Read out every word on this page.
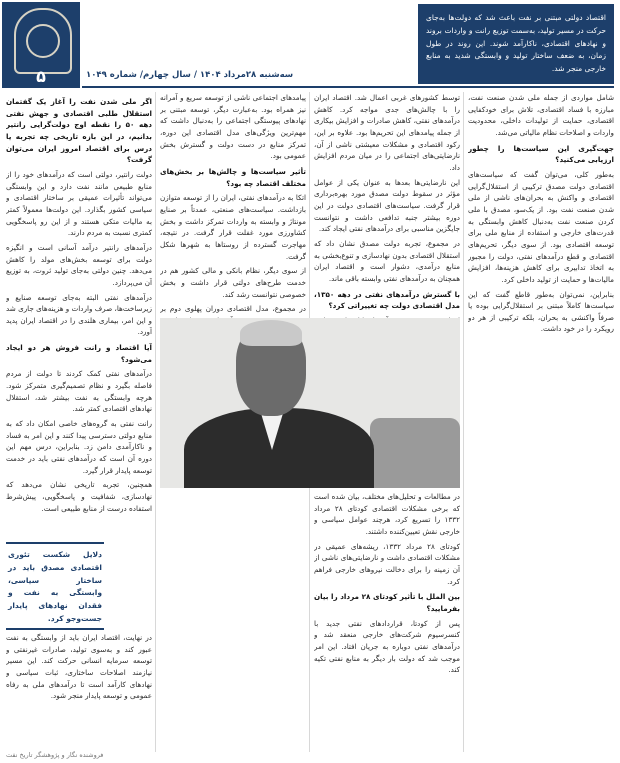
۵	سه‌شنبه ۲۸مرداد ۱۴۰۴ / سال چهارم/ شماره ۱۰۴۹
اقتصاد دولتی مبتنی بر نفت باعث شد که دولت‌ها به‌جای حرکت در مسیر تولید، به‌سمت توزیع رانت و واردات بروند و نهادهای اقتصادی، ناکارآمد شوند. این روند در طول زمان، به ضعف ساختار تولید و وابستگی شدید به منابع خارجی منجر شد.

شامل مواردی از جمله ملی شدن صنعت نفت، مبارزه با فساد اقتصادی، تلاش برای خودکفایی اقتصادی، حمایت از تولیدات داخلی، محدودیت واردات و اصلاحات نظام مالیاتی می‌شد.

جهت‌گیری این سیاست‌ها را چطور ارزیابی می‌کنید؟

به‌طور کلی، می‌توان گفت که سیاست‌های اقتصادی دولت مصدق ترکیبی از استقلال‌گرایی اقتصادی و واکنش به بحران‌های ناشی از ملی شدن صنعت نفت بود. از یک‌سو، مصدق با ملی کردن صنعت نفت به‌دنبال کاهش وابستگی به قدرت‌های خارجی و استفاده از منابع ملی برای توسعه اقتصادی بود. از سوی دیگر، تحریم‌های اقتصادی و قطع درآمدهای نفتی، دولت را مجبور به اتخاذ تدابیری برای کاهش هزینه‌ها، افزایش مالیات‌ها و حمایت از تولید داخلی کرد.

بنابراین، نمی‌توان به‌طور قاطع گفت که این سیاست‌ها کاملاً مبتنی بر استقلال‌گرایی بوده یا صرفاً واکنشی به بحران، بلکه ترکیبی از هر دو رویکرد را در خود داشت.

توسط کشورهای غربی اعمال شد. اقتصاد ایران را با چالش‌های جدی مواجه کرد. کاهش درآمدهای نفتی، کاهش صادرات و افزایش بیکاری از جمله پیامدهای این تحریم‌ها بود. علاوه بر این، رکود اقتصادی و مشکلات معیشتی ناشی از آن، نارضایتی‌های اجتماعی را در میان مردم افزایش داد.

این نارضایتی‌ها بعدها به عنوان یکی از عوامل مؤثر در سقوط دولت مصدق مورد بهره‌برداری قرار گرفت. سیاست‌های اقتصادی دولت در این دوره بیشتر جنبه تدافعی داشت و نتوانست جایگزین مناسبی برای درآمدهای نفتی ایجاد کند.

در مجموع، تجربه دولت مصدق نشان داد که استقلال اقتصادی بدون نهادسازی و تنوع‌بخشی به منابع درآمدی، دشوار است و اقتصاد ایران همچنان به درآمدهای نفتی وابسته باقی ماند.

با گسترش درآمدهای نفتی در دهه ۱۳۵۰، مدل اقتصادی دولت چه تغییراتی کرد؟

در مطالعات و تحلیل‌های مختلف، بیان شده است که برخی مشکلات اقتصادی کودتای ۲۸ مرداد ۱۳۳۲ را تسریع کرد، هرچند عوامل سیاسی و خارجی نقش تعیین‌کننده داشتند.

کودتای ۲۸ مرداد ۱۳۳۲، ریشه‌های عمیقی در مشکلات اقتصادی داشت و نارضایتی‌های ناشی از آن زمینه را برای دخالت نیروهای خارجی فراهم کرد.

بین الملل با تأثیر کودتای ۲۸ مرداد را بیان بفرمایید؟

پس از کودتا، قراردادهای نفتی جدید با کنسرسیوم شرکت‌های خارجی منعقد شد و درآمدهای نفتی دوباره به جریان افتاد. این امر موجب شد که دولت بار دیگر به منابع نفتی تکیه کند.

پیامدهای اجتماعی ناشی از توسعه سریع و آمرانه نیز همراه بود. به‌عبارت دیگر، توسعه مبتنی بر نهادهای پیوستگی اجتماعی را به‌دنبال داشت که مهم‌ترین ویژگی‌های مدل اقتصادی این دوره، تمرکز منابع در دست دولت و گسترش بخش عمومی بود.

تأثیر سیاست‌ها و چالش‌ها بر بخش‌های مختلف اقتصاد چه بود؟

اتکا به درآمدهای نفتی، ایران را از توسعه متوازن بازداشت. سیاست‌های صنعتی، عمدتاً بر صنایع مونتاژ و وابسته به واردات تمرکز داشت و بخش کشاورزی مورد غفلت قرار گرفت. در نتیجه، مهاجرت گسترده از روستاها به شهرها شکل گرفت.

از سوی دیگر، نظام بانکی و مالی کشور هم در خدمت طرح‌های دولتی قرار داشت و بخش خصوصی نتوانست رشد کند.

در مجموع، مدل اقتصادی دوران پهلوی دوم بر

اگر ملی شدن نفت را آغاز یک گفتمان استقلال طلبی اقتصادی و جهش نفتی دهه ۵۰ را نقطه اوج دولت‌گرایی رانتیر بدانیم، در این بازه تاریخی چه تجربه یا درس برای اقتصاد امروز ایران می‌توان گرفت؟

دولت رانتیر، دولتی است که درآمدهای خود را از منابع طبیعی مانند نفت دارد و این وابستگی می‌تواند تأثیرات عمیقی بر ساختار اقتصادی و سیاسی کشور بگذارد. این دولت‌ها معمولاً کمتر به مالیات متکی هستند و از این رو پاسخگویی کمتری نسبت به مردم دارند.

درآمدهای رانتیر درآمد آسانی است و انگیزه دولت برای توسعه بخش‌های مولد را کاهش می‌دهد. چنین دولتی به‌جای تولید ثروت، به توزیع آن می‌پردازد.

درآمدهای نفتی البته به‌جای توسعه صنایع و زیرساخت‌ها، صرف واردات و هزینه‌های جاری شد و این امر، بیماری هلندی را در اقتصاد ایران پدید آورد.

آیا اقتصاد و رانت فروش هر دو ایجاد می‌شود؟

درآمدهای نفتی کمک کردند تا دولت از مردم فاصله بگیرد و نظام تصمیم‌گیری متمرکز شود. هرچه وابستگی به نفت بیشتر شد، استقلال نهادهای اقتصادی کمتر شد.

رانت نفتی به گروه‌های خاصی امکان داد که به منابع دولتی دسترسی پیدا کنند و این امر به فساد و ناکارآمدی دامن زد. بنابراین، درس مهم این دوره آن است که درآمدهای نفتی باید در خدمت توسعه پایدار قرار گیرد.

همچنین، تجربه تاریخی نشان می‌دهد که نهادسازی، شفافیت و پاسخگویی، پیش‌شرط استفاده درست از منابع طبیعی است.

در نهایت، اقتصاد ایران باید از وابستگی به نفت عبور کند و به‌سوی تولید، صادرات غیرنفتی و توسعه سرمایه انسانی حرکت کند. این مسیر نیازمند اصلاحات ساختاری، ثبات سیاسی و نهادهای کارآمد است تا درآمدهای ملی به رفاه عمومی و توسعه پایدار منجر شود.

دلایل شکست تئوری اقتصادی مصدق باید در ساختار سیاسی، وابستگی به نفت و فقدان نهادهای پایدار جست‌وجو کرد.
فروشنده نگار و پژوهشگر تاریخ نفت
